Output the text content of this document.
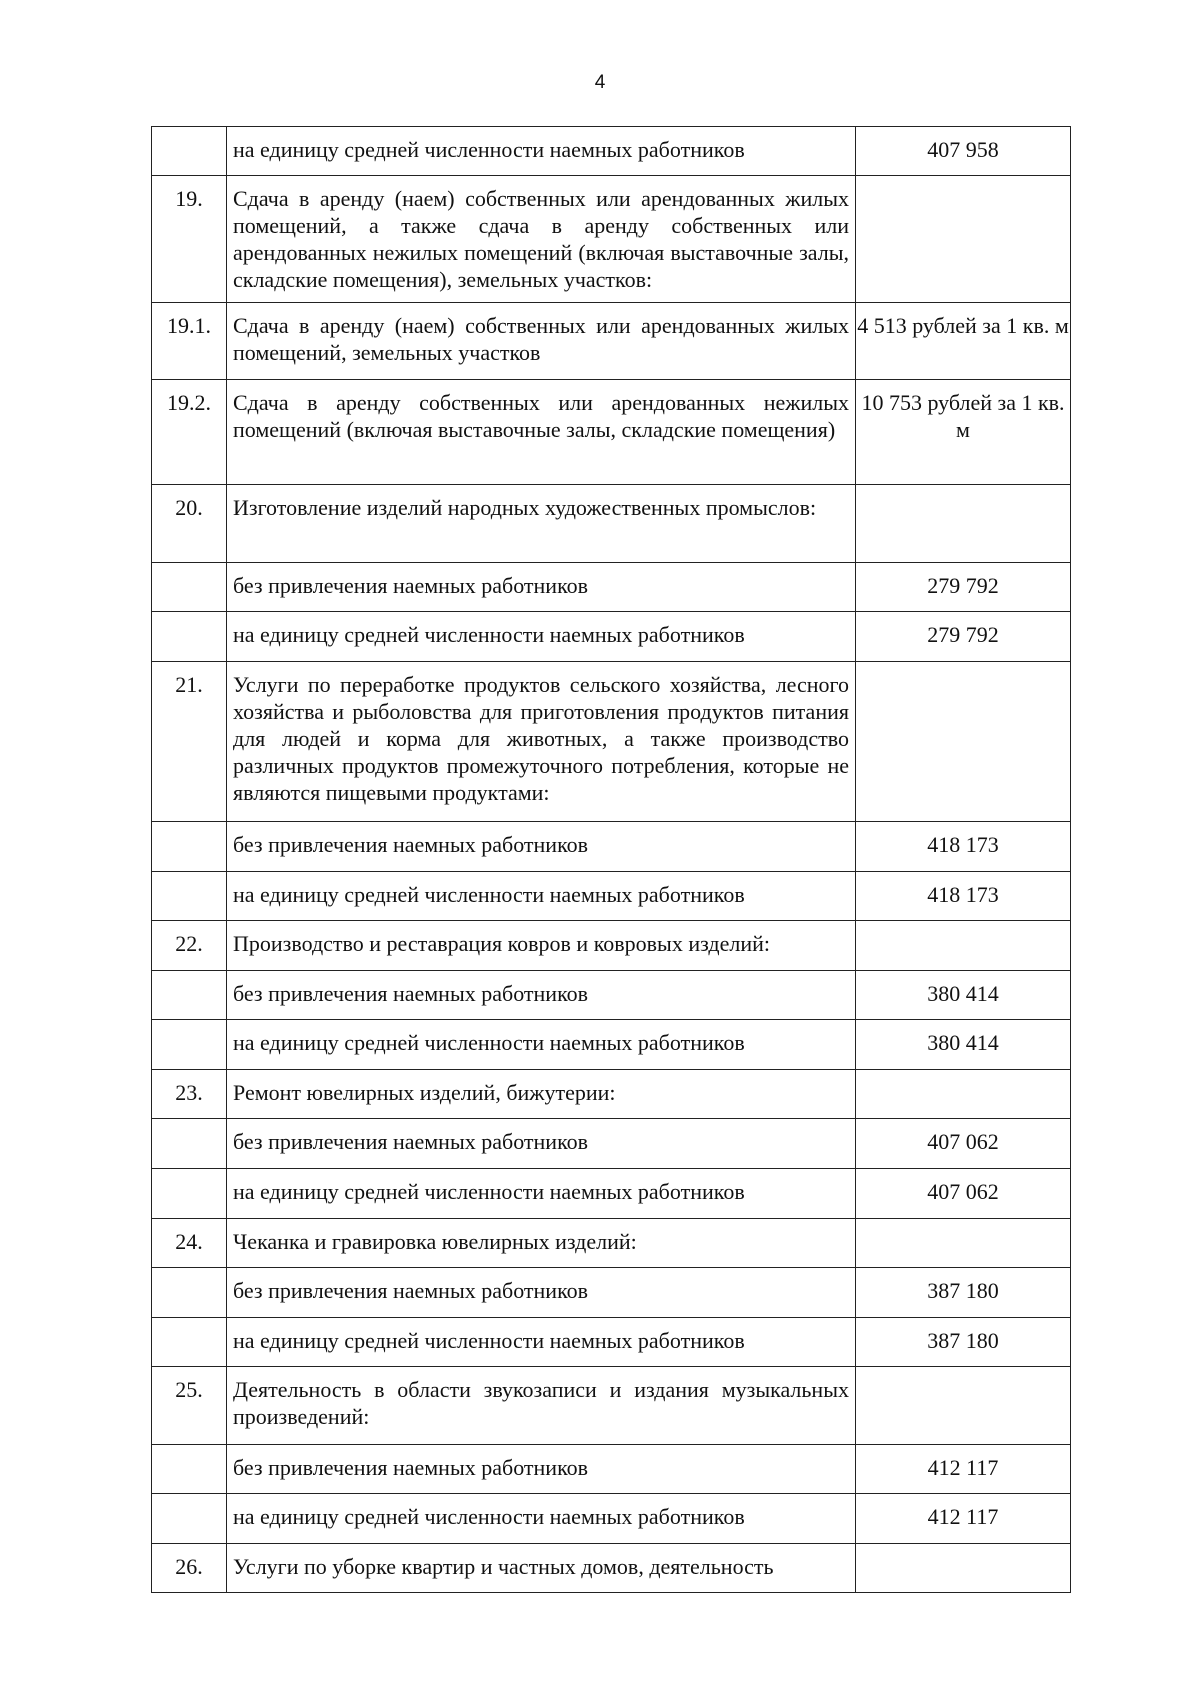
4

	на единицу средней численности наемных работников	407 958

19.	Сдача в аренду (наем) собственных или арендованных жилых помещений, а также сдача в аренду собственных или арендованных нежилых помещений (включая выставочные залы, складские помещения), земельных участков:	

19.1.	Сдача в аренду (наем) собственных или арендованных жилых помещений, земельных участков	4 513 рублей за 1 кв. м

19.2.	Сдача в аренду собственных или арендованных нежилых помещений (включая выставочные залы, складские помещения)	10 753 рублей за 1 кв. м

20.	Изготовление изделий народных художественных промыслов:	

	без привлечения наемных работников	279 792

	на единицу средней численности наемных работников	279 792

21.	Услуги по переработке продуктов сельского хозяйства, лесного хозяйства и рыболовства для приготовления продуктов питания для людей и корма для животных, а также производство различных продуктов промежуточного потребления, которые не являются пищевыми продуктами:	

	без привлечения наемных работников	418 173

	на единицу средней численности наемных работников	418 173

22.	Производство и реставрация ковров и ковровых изделий:	

	без привлечения наемных работников	380 414

	на единицу средней численности наемных работников	380 414

23.	Ремонт ювелирных изделий, бижутерии:	

	без привлечения наемных работников	407 062

	на единицу средней численности наемных работников	407 062

24.	Чеканка и гравировка ювелирных изделий:	

	без привлечения наемных работников	387 180

	на единицу средней численности наемных работников	387 180

25.	Деятельность в области звукозаписи и издания музыкальных произведений:	

	без привлечения наемных работников	412 117

	на единицу средней численности наемных работников	412 117

26.	Услуги по уборке квартир и частных домов, деятельность	
